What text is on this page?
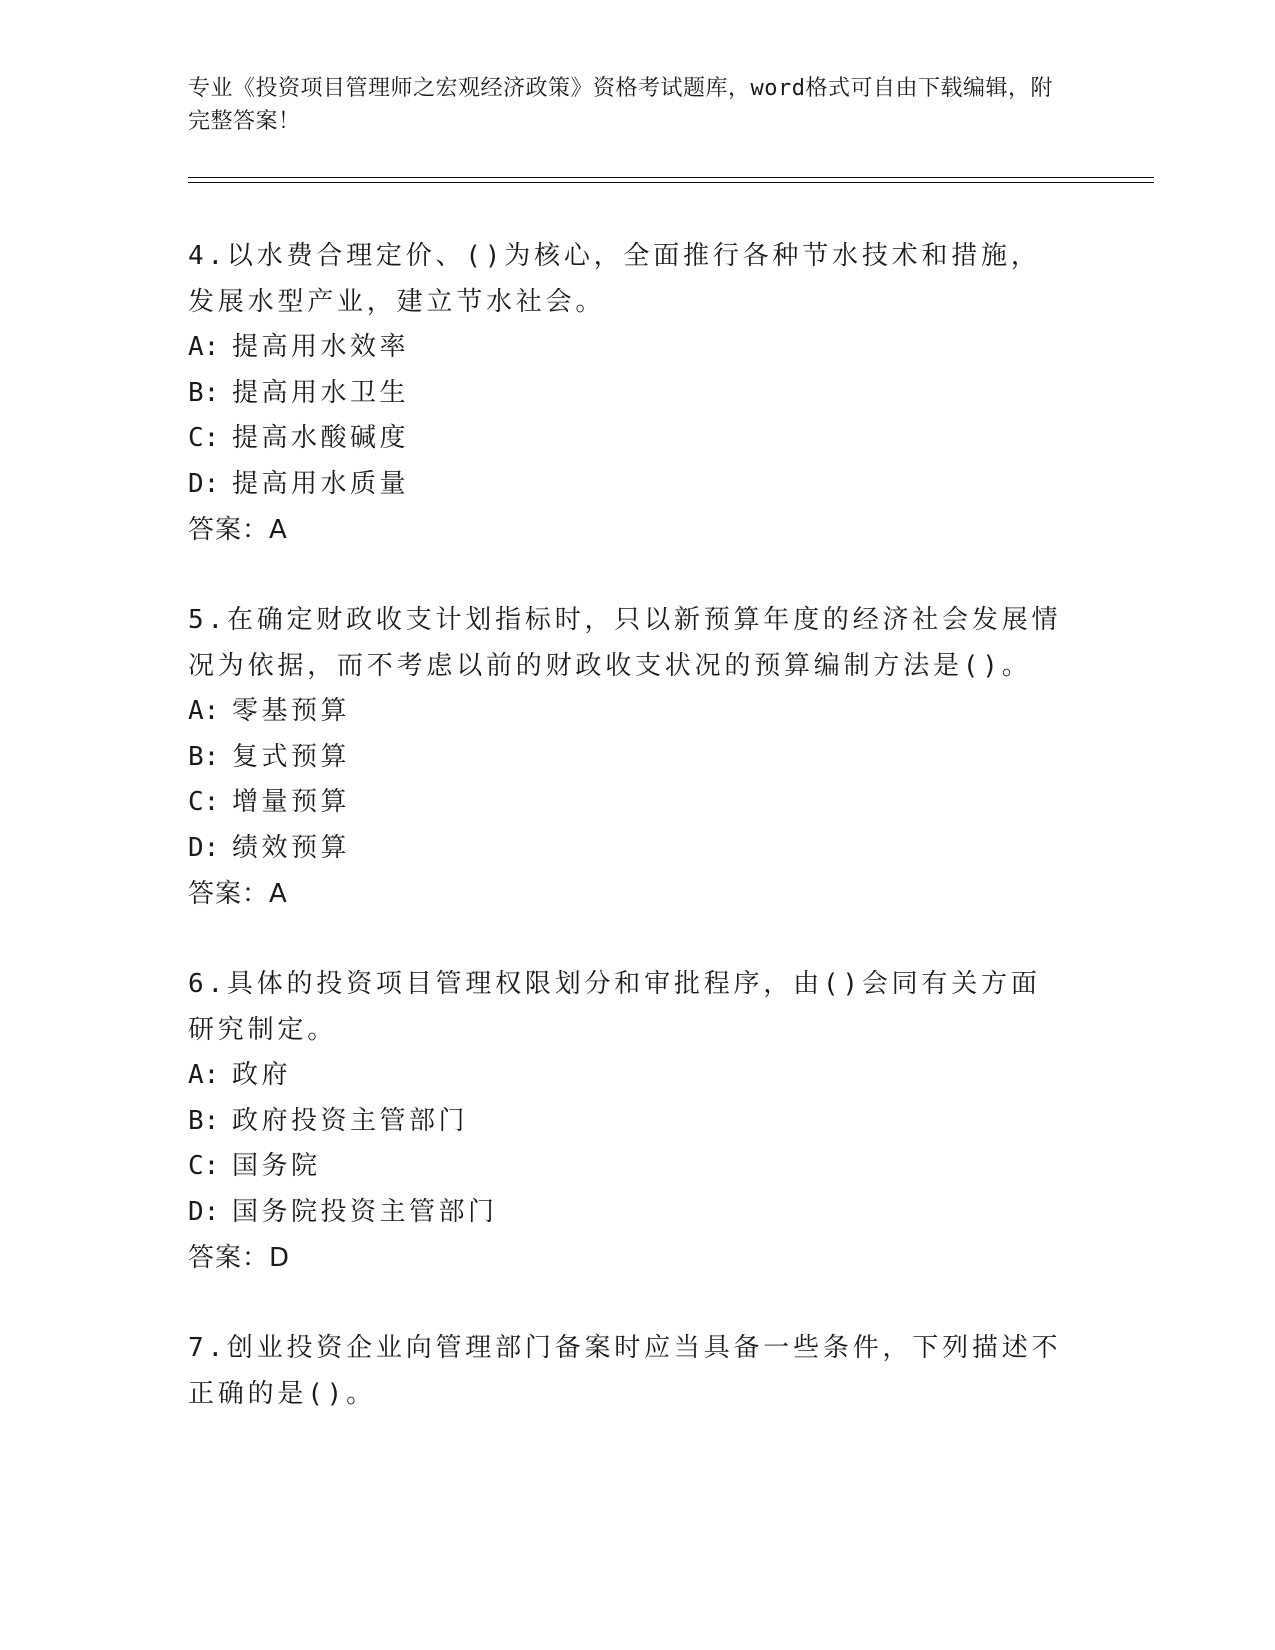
专业《投资项目管理师之宏观经济政策》资格考试题库，word格式可自由下载编辑，附完整答案！

4.以水费合理定价、()为核心，全面推行各种节水技术和措施，发展水型产业，建立节水社会。

A: 提高用水效率

B: 提高用水卫生

C: 提高水酸碱度

D: 提高用水质量

答案：A

5.在确定财政收支计划指标时，只以新预算年度的经济社会发展情况为依据，而不考虑以前的财政收支状况的预算编制方法是()。

A: 零基预算

B: 复式预算

C: 增量预算

D: 绩效预算

答案：A

6.具体的投资项目管理权限划分和审批程序，由()会同有关方面研究制定。

A: 政府

B: 政府投资主管部门

C: 国务院

D: 国务院投资主管部门

答案：D

7.创业投资企业向管理部门备案时应当具备一些条件，下列描述不正确的是()。
